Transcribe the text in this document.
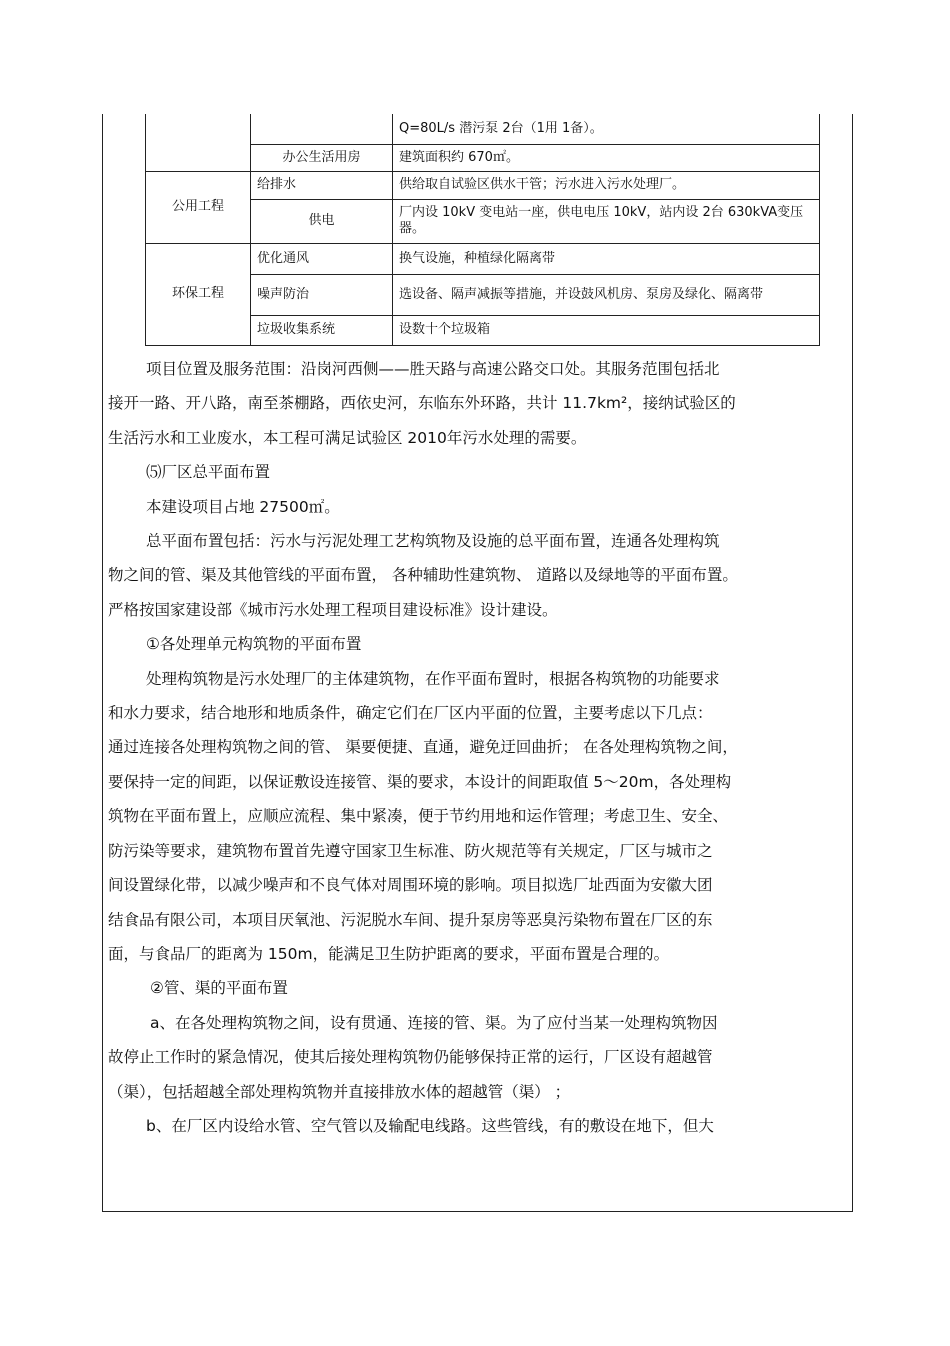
		Q=80L/s 潜污泵 2台（1用 1备）。
	办公生活用房	建筑面积约 670㎡。
公用工程	给排水	供给取自试验区供水干管；污水进入污水处理厂。
	供电	厂内设 10kV 变电站一座，供电电压 10kV，站内设 2台 630kVA变压器。
环保工程	优化通风	换气设施，种植绿化隔离带
	噪声防治	选设备、隔声减振等措施，并设鼓风机房、泵房及绿化、隔离带
	垃圾收集系统	设数十个垃圾箱

项目位置及服务范围：沿岗河西侧——胜天路与高速公路交口处。其服务范围包括北

接开一路、开八路，南至茶棚路，西依史河，东临东外环路，共计 11.7km²，接纳试验区的

生活污水和工业废水，本工程可满足试验区 2010年污水处理的需要。

⑸厂区总平面布置

本建设项目占地 27500㎡。

总平面布置包括：污水与污泥处理工艺构筑物及设施的总平面布置，连通各处理构筑

物之间的管、渠及其他管线的平面布置， 各种辅助性建筑物、 道路以及绿地等的平面布置。

严格按国家建设部《城市污水处理工程项目建设标准》设计建设。

①各处理单元构筑物的平面布置

处理构筑物是污水处理厂的主体建筑物，在作平面布置时，根据各构筑物的功能要求

和水力要求，结合地形和地质条件，确定它们在厂区内平面的位置，主要考虑以下几点：

通过连接各处理构筑物之间的管、 渠要便捷、直通，避免迂回曲折； 在各处理构筑物之间，

要保持一定的间距，以保证敷设连接管、渠的要求，本设计的间距取值 5～20m，各处理构

筑物在平面布置上，应顺应流程、集中紧凑，便于节约用地和运作管理；考虑卫生、安全、

防污染等要求，建筑物布置首先遵守国家卫生标准、防火规范等有关规定，厂区与城市之

间设置绿化带，以减少噪声和不良气体对周围环境的影响。项目拟选厂址西面为安徽大团

结食品有限公司，本项目厌氧池、污泥脱水车间、提升泵房等恶臭污染物布置在厂区的东

面，与食品厂的距离为 150m，能满足卫生防护距离的要求，平面布置是合理的。

②管、渠的平面布置

a、在各处理构筑物之间，设有贯通、连接的管、渠。为了应付当某一处理构筑物因

故停止工作时的紧急情况，使其后接处理构筑物仍能够保持正常的运行，厂区设有超越管

（渠），包括超越全部处理构筑物并直接排放水体的超越管（渠） ；

b、在厂区内设给水管、空气管以及输配电线路。这些管线，有的敷设在地下，但大
